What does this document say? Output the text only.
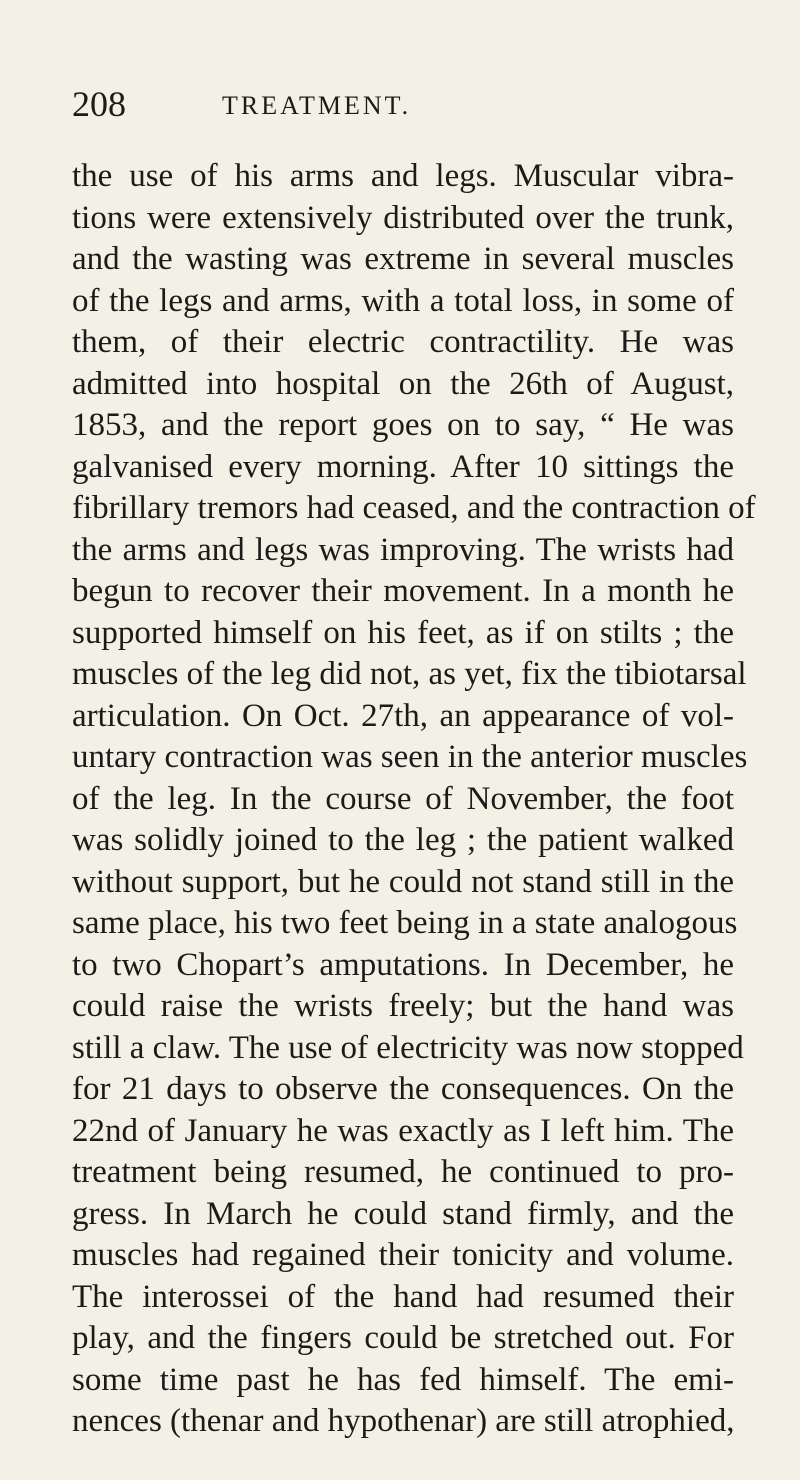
208	TREATMENT.
the use of his arms and legs. Muscular vibra-
tions were extensively distributed over the trunk,
and the wasting was extreme in several muscles
of the legs and arms, with a total loss, in some of
them, of their electric contractility. He was
admitted into hospital on the 26th of August,
1853, and the report goes on to say, “ He was
galvanised every morning. After 10 sittings the
fibrillary tremors had ceased, and the contraction of
the arms and legs was improving. The wrists had
begun to recover their movement. In a month he
supported himself on his feet, as if on stilts ; the
muscles of the leg did not, as yet, fix the tibiotarsal
articulation. On Oct. 27th, an appearance of vol-
untary contraction was seen in the anterior muscles
of the leg. In the course of November, the foot
was solidly joined to the leg ; the patient walked
without support, but he could not stand still in the
same place, his two feet being in a state analogous
to two Chopart’s amputations. In December, he
could raise the wrists freely; but the hand was
still a claw. The use of electricity was now stopped
for 21 days to observe the consequences. On the
22nd of January he was exactly as I left him. The
treatment being resumed, he continued to pro-
gress. In March he could stand firmly, and the
muscles had regained their tonicity and volume.
The interossei of the hand had resumed their
play, and the fingers could be stretched out. For
some time past he has fed himself. The emi-
nences (thenar and hypothenar) are still atrophied,
